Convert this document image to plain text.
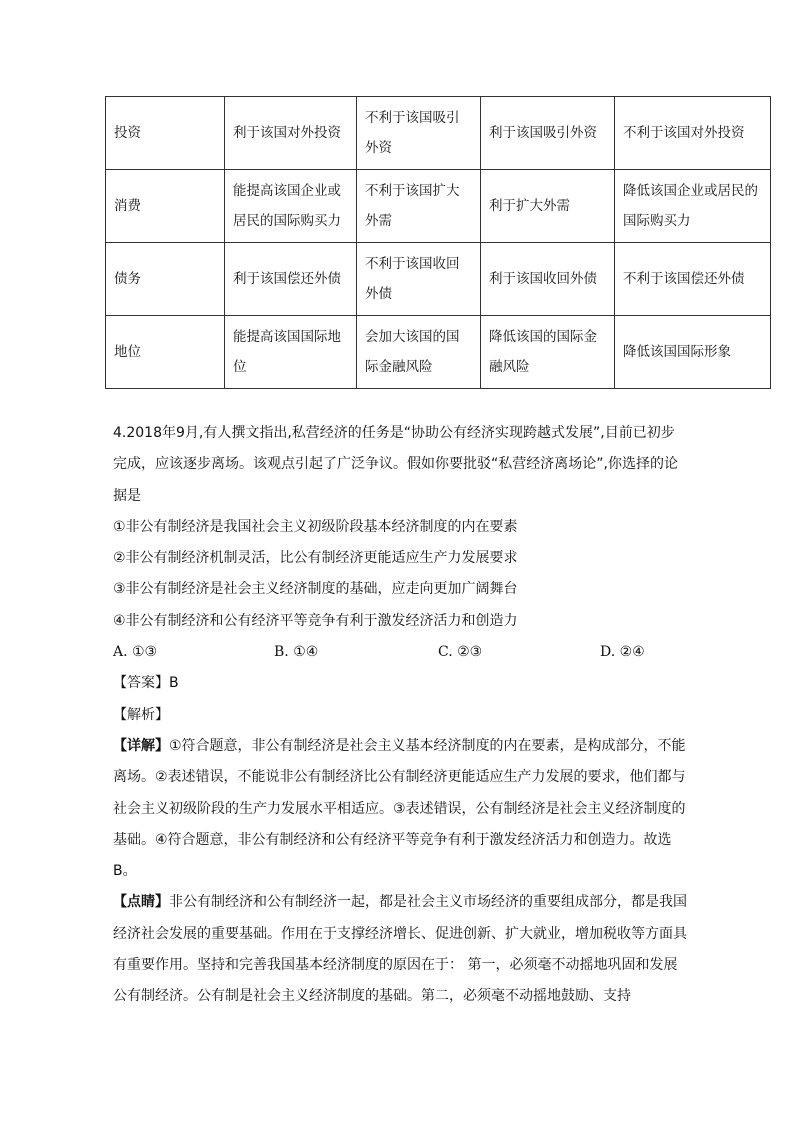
投资	利于该国对外投资	不利于该国吸引外资	利于该国吸引外资	不利于该国对外投资
消费	能提高该国企业或居民的国际购买力	不利于该国扩大外需	利于扩大外需	降低该国企业或居民的国际购买力
债务	利于该国偿还外债	不利于该国收回外债	利于该国收回外债	不利于该国偿还外债
地位	能提高该国国际地位	会加大该国的国际金融风险	降低该国的国际金融风险	降低该国国际形象

4.2018年9月,有人撰文指出,私营经济的任务是“协助公有经济实现跨越式发展”,目前已初步完成，应该逐步离场。该观点引起了广泛争议。假如你要批驳“私营经济离场论”,你选择的论据是

①非公有制经济是我国社会主义初级阶段基本经济制度的内在要素

②非公有制经济机制灵活，比公有制经济更能适应生产力发展要求

③非公有制经济是社会主义经济制度的基础，应走向更加广阔舞台

④非公有制经济和公有经济平等竞争有利于激发经济活力和创造力

A. ①③	B. ①④	C. ②③	D. ②④

【答案】B

【解析】

【详解】①符合题意，非公有制经济是社会主义基本经济制度的内在要素，是构成部分，不能离场。②表述错误，不能说非公有制经济比公有制经济更能适应生产力发展的要求，他们都与社会主义初级阶段的生产力发展水平相适应。③表述错误，公有制经济是社会主义经济制度的基础。④符合题意，非公有制经济和公有经济平等竞争有利于激发经济活力和创造力。故选B。

【点睛】非公有制经济和公有制经济一起，都是社会主义市场经济的重要组成部分，都是我国经济社会发展的重要基础。作用在于支撑经济增长、促进创新、扩大就业，增加税收等方面具有重要作用。坚持和完善我国基本经济制度的原因在于： 第一，必须毫不动摇地巩固和发展公有制经济。公有制是社会主义经济制度的基础。第二，必须毫不动摇地鼓励、支持
